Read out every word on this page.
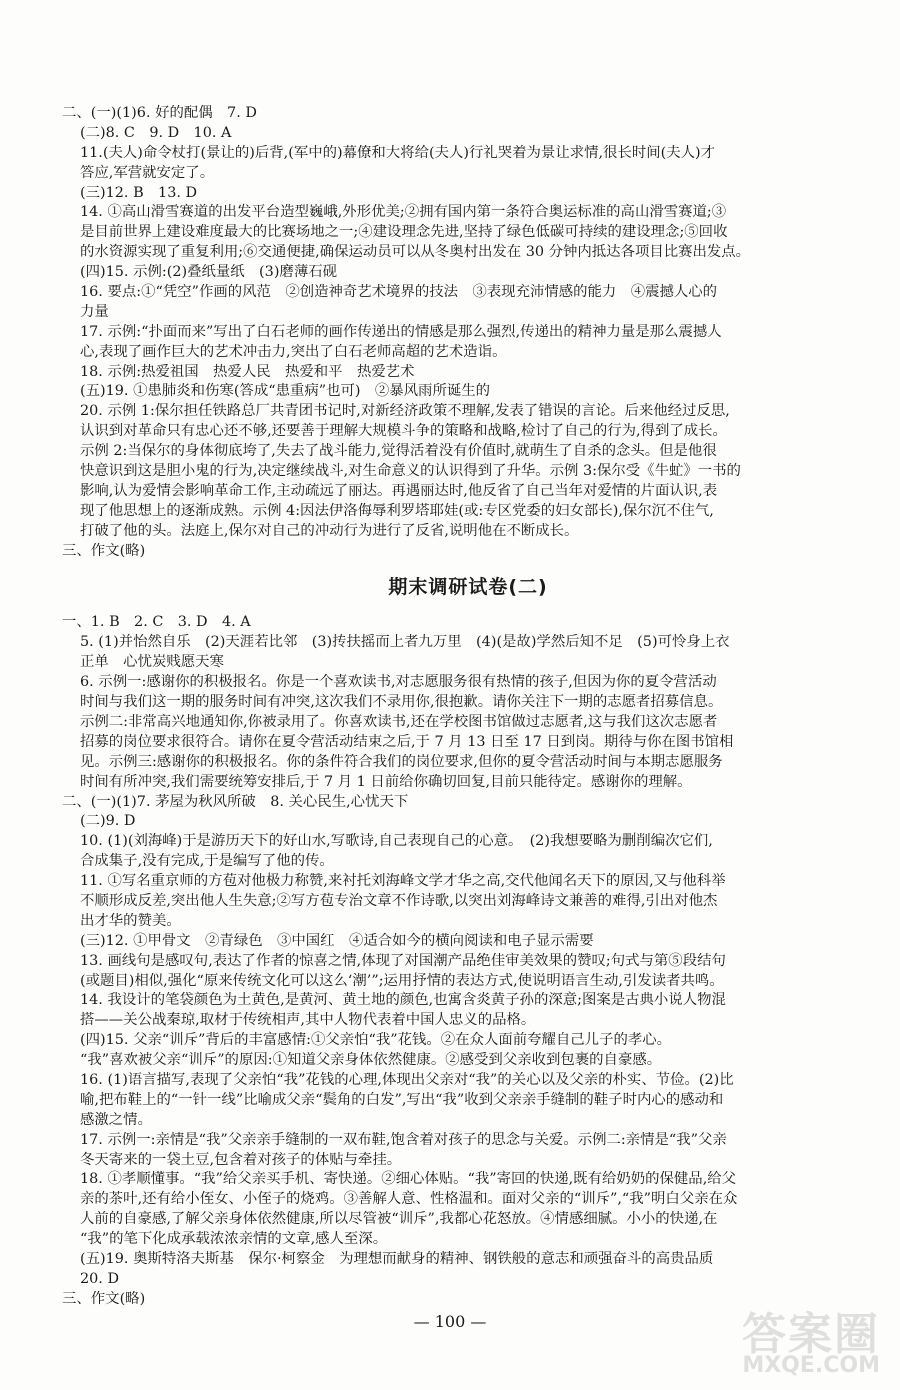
二、(一)(1)6. 好的配偶　7. D
(二)8. C　9. D　10. A
11.(夫人)命令杖打(景让的)后背,(军中的)幕僚和大将给(夫人)行礼哭着为景让求情,很长时间(夫人)才
答应,军营就安定了。
(三)12. B　13. D
14. ①高山滑雪赛道的出发平台造型巍峨,外形优美;②拥有国内第一条符合奥运标准的高山滑雪赛道;③
是目前世界上建设难度最大的比赛场地之一;④建设理念先进,坚持了绿色低碳可持续的建设理念;⑤回收
的水资源实现了重复利用;⑥交通便捷,确保运动员可以从冬奥村出发在 30 分钟内抵达各项目比赛出发点。
(四)15. 示例:(2)叠纸量纸　(3)磨薄石砚
16. 要点:①“凭空”作画的风范　②创造神奇艺术境界的技法　③表现充沛情感的能力　④震撼人心的
力量
17. 示例:“扑面而来”写出了白石老师的画作传递出的情感是那么强烈,传递出的精神力量是那么震撼人
心,表现了画作巨大的艺术冲击力,突出了白石老师高超的艺术造诣。
18. 示例:热爱祖国　热爱人民　热爱和平　热爱艺术
(五)19. ①患肺炎和伤寒(答成“患重病”也可)　②暴风雨所诞生的
20. 示例 1:保尔担任铁路总厂共青团书记时,对新经济政策不理解,发表了错误的言论。后来他经过反思,
认识到对革命只有忠心还不够,还要善于理解大规模斗争的策略和战略,检讨了自己的行为,得到了成长。
示例 2:当保尔的身体彻底垮了,失去了战斗能力,觉得活着没有价值时,就萌生了自杀的念头。但是他很
快意识到这是胆小鬼的行为,决定继续战斗,对生命意义的认识得到了升华。示例 3:保尔受《牛虻》一书的
影响,认为爱情会影响革命工作,主动疏远了丽达。再遇丽达时,他反省了自己当年对爱情的片面认识,表
现了他思想上的逐渐成熟。示例 4:因法伊洛侮辱利罗塔耶娃(或:专区党委的妇女部长),保尔沉不住气,
打破了他的头。法庭上,保尔对自己的冲动行为进行了反省,说明他在不断成长。
三、作文(略)
期末调研试卷(二)
一、1. B　2. C　3. D　4. A
5. (1)并怡然自乐　(2)天涯若比邻　(3)抟扶摇而上者九万里　(4)(是故)学然后知不足　(5)可怜身上衣
正单　心忧炭贱愿天寒
6. 示例一:感谢你的积极报名。你是一个喜欢读书,对志愿服务很有热情的孩子,但因为你的夏令营活动
时间与我们这一期的服务时间有冲突,这次我们不录用你,很抱歉。请你关注下一期的志愿者招募信息。
示例二:非常高兴地通知你,你被录用了。你喜欢读书,还在学校图书馆做过志愿者,这与我们这次志愿者
招募的岗位要求很符合。请你在夏令营活动结束之后,于 7 月 13 日至 17 日到岗。期待与你在图书馆相
见。示例三:感谢你的积极报名。你的条件符合我们的岗位要求,但你的夏令营活动时间与本期志愿服务
时间有所冲突,我们需要统筹安排后,于 7 月 1 日前给你确切回复,目前只能待定。感谢你的理解。
二、(一)(1)7. 茅屋为秋风所破　8. 关心民生,心忧天下
(二)9. D
10. (1)(刘海峰)于是游历天下的好山水,写歌诗,自己表现自己的心意。　(2)我想要略为删削编次它们,
合成集子,没有完成,于是编写了他的传。
11. ①写名重京师的方苞对他极力称赞,来衬托刘海峰文学才华之高,交代他闻名天下的原因,又与他科举
不顺形成反差,突出他人生失意;②写方苞专治文章不作诗歌,以突出刘海峰诗文兼善的难得,引出对他杰
出才华的赞美。
(三)12. ①甲骨文　②青绿色　③中国红　④适合如今的横向阅读和电子显示需要
13. 画线句是感叹句,表达了作者的惊喜之情,体现了对国潮产品绝佳审美效果的赞叹;句式与第⑤段结句
(或题目)相似,强化“原来传统文化可以这么‘潮’”;运用抒情的表达方式,使说明语言生动,引发读者共鸣。
14. 我设计的笔袋颜色为土黄色,是黄河、黄土地的颜色,也寓含炎黄子孙的深意;图案是古典小说人物混
搭——关公战秦琼,取材于传统相声,其中人物代表着中国人忠义的品格。
(四)15. 父亲“训斥”背后的丰富感情:①父亲怕“我”花钱。②在众人面前夸耀自己儿子的孝心。
“我”喜欢被父亲“训斥”的原因:①知道父亲身体依然健康。②感受到父亲收到包裹的自豪感。
16. (1)语言描写,表现了父亲怕“我”花钱的心理,体现出父亲对“我”的关心以及父亲的朴实、节俭。(2)比
喻,把布鞋上的“一针一线”比喻成父亲“鬓角的白发”,写出“我”收到父亲亲手缝制的鞋子时内心的感动和
感激之情。
17. 示例一:亲情是“我”父亲亲手缝制的一双布鞋,饱含着对孩子的思念与关爱。示例二:亲情是“我”父亲
冬天寄来的一袋土豆,包含着对孩子的体贴与牵挂。
18. ①孝顺懂事。“我”给父亲买手机、寄快递。②细心体贴。“我”寄回的快递,既有给奶奶的保健品,给父
亲的茶叶,还有给小侄女、小侄子的烧鸡。③善解人意、性格温和。面对父亲的“训斥”,“我”明白父亲在众
人前的自豪感,了解父亲身体依然健康,所以尽管被“训斥”,我都心花怒放。④情感细腻。小小的快递,在
“我”的笔下化成承载浓浓亲情的文章,感人至深。
(五)19. 奥斯特洛夫斯基　保尔·柯察金　为理想而献身的精神、钢铁般的意志和顽强奋斗的高贵品质
20. D
三、作文(略)
— 100 —	答案圈
MXQE.COM
